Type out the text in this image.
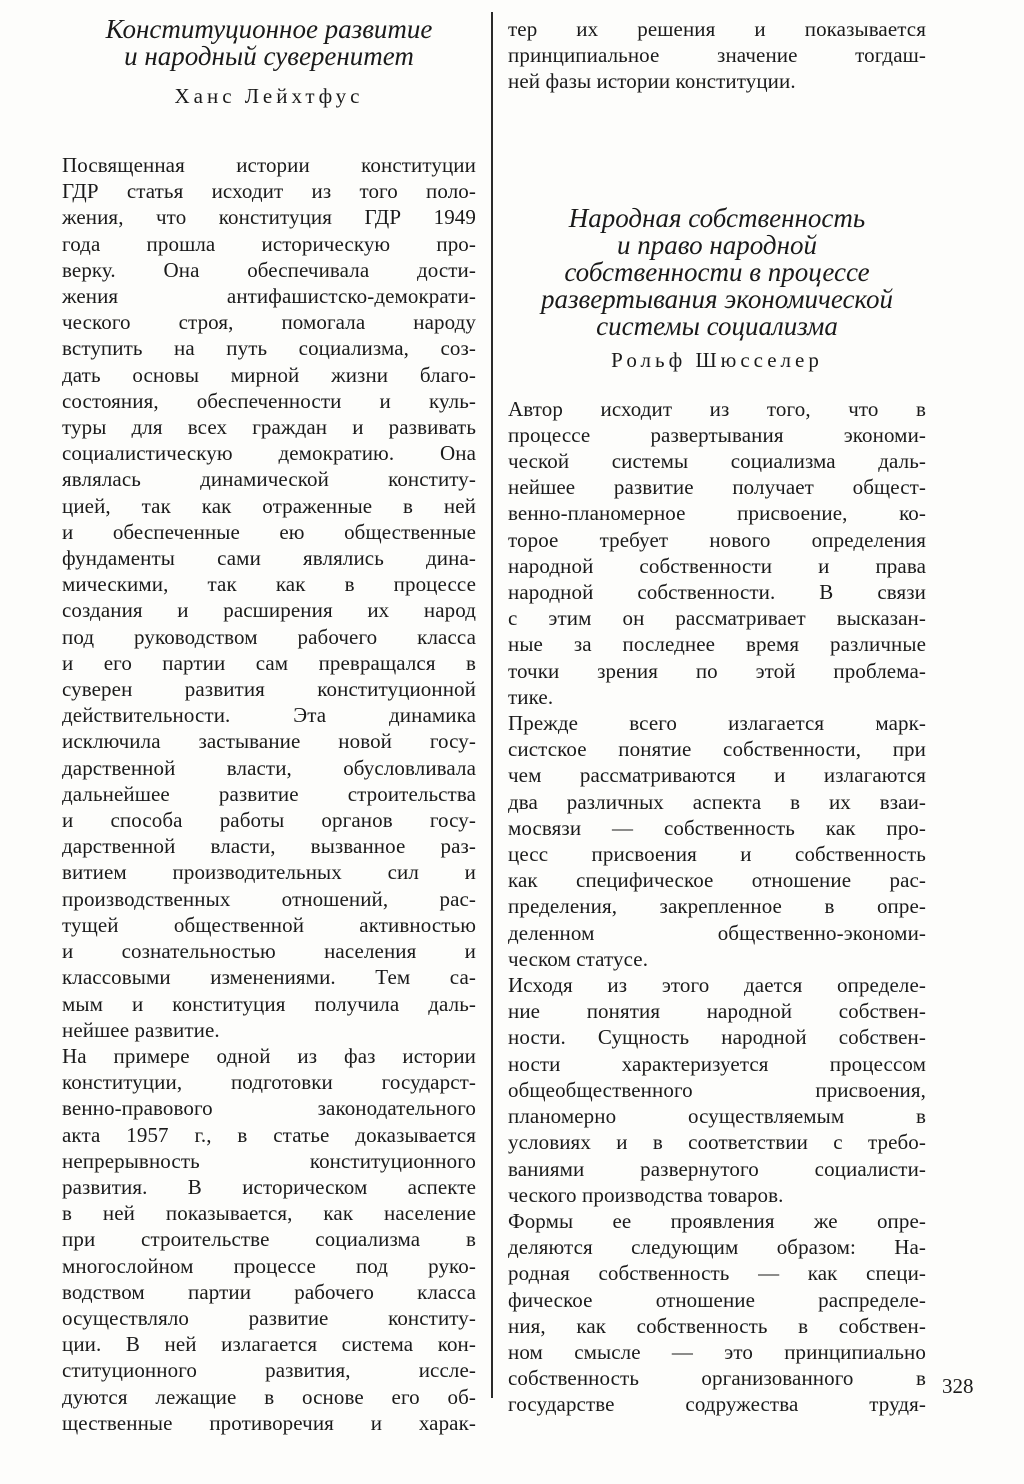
Конституционное развитие
и народный суверенитет
Ханс Лейхтфус
Посвященная истории конституции
ГДР статья исходит из того поло-
жения, что конституция ГДР 1949
года прошла историческую про-
верку. Она обеспечивала дости-
жения антифашистско-демократи-
ческого строя, помогала народу
вступить на путь социализма, соз-
дать основы мирной жизни благо-
состояния, обеспеченности и куль-
туры для всех граждан и развивать
социалистическую демократию. Она
являлась динамической конститу-
цией, так как отраженные в ней
и обеспеченные ею общественные
фундаменты сами являлись дина-
мическими, так как в процессе
создания и расширения их народ
под руководством рабочего класса
и его партии сам превращался в
суверен развития конституционной
действительности. Эта динамика
исключила застывание новой госу-
дарственной власти, обусловливала
дальнейшее развитие строительства
и способа работы органов госу-
дарственной власти, вызванное раз-
витием производительных сил и
производственных отношений, рас-
тущей общественной активностью
и сознательностью населения и
классовыми изменениями. Тем са-
мым и конституция получила даль-
нейшее развитие.
На примере одной из фаз истории
конституции, подготовки государст-
венно-правового законодательного
акта 1957 г., в статье доказывается
непрерывность конституционного
развития. В историческом аспекте
в ней показывается, как население
при строительстве социализма в
многослойном процессе под руко-
водством партии рабочего класса
осуществляло развитие конститу-
ции. В ней излагается система кон-
ституционного развития, иссле-
дуются лежащие в основе его об-
щественные противоречия и харак-
тер их решения и показывается
принципиальное значение тогдаш-
ней фазы истории конституции.
Народная собственность
и право народной
собственности в процессе
развертывания экономической
системы социализма
Рольф Шюсселер
Автор исходит из того, что в
процессе развертывания экономи-
ческой системы социализма даль-
нейшее развитие получает общест-
венно-планомерное присвоение, ко-
торое требует нового определения
народной собственности и права
народной собственности. В связи
с этим он рассматривает высказан-
ные за последнее время различные
точки зрения по этой проблема-
тике.
Прежде всего излагается марк-
систское понятие собственности, при
чем рассматриваются и излагаются
два различных аспекта в их взаи-
мосвязи — собственность как про-
цесс присвоения и собственность
как специфическое отношение рас-
пределения, закрепленное в опре-
деленном общественно-экономи-
ческом статусе.
Исходя из этого дается определе-
ние понятия народной собствен-
ности. Сущность народной собствен-
ности характеризуется процессом
общеобщественного присвоения,
планомерно осуществляемым в
условиях и в соответствии с требо-
ваниями развернутого социалисти-
ческого производства товаров.
Формы ее проявления же опре-
деляются следующим образом: На-
родная собственность — как специ-
фическое отношение распределе-
ния, как собственность в собствен-
ном смысле — это принципиально
собственность организованного в
государстве содружества трудя-
328
